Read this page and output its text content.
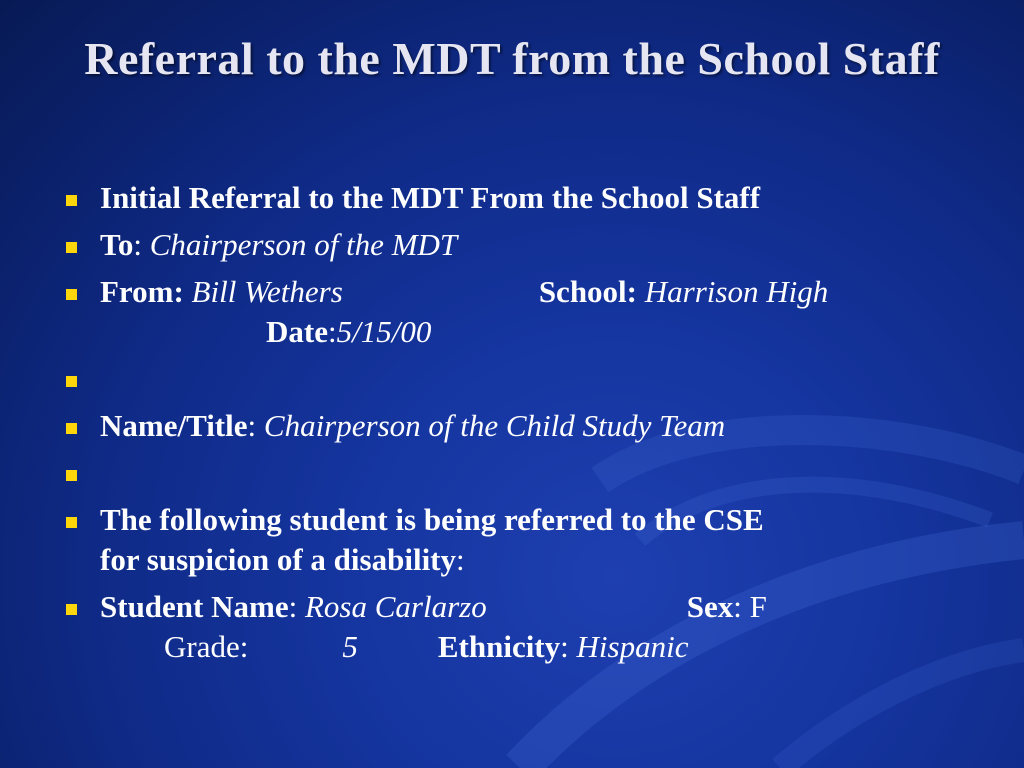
Referral to the MDT from the School Staff
Initial Referral to the MDT From the School Staff
To: Chairperson of the MDT
From: Bill Wethers	School: Harrison High
Date:5/15/00
Name/Title: Chairperson of the Child Study Team
The following student is being referred to the CSE
for suspicion of a disability:
Student Name: Rosa Carlarzo	Sex: F
Grade:	5	Ethnicity: Hispanic
